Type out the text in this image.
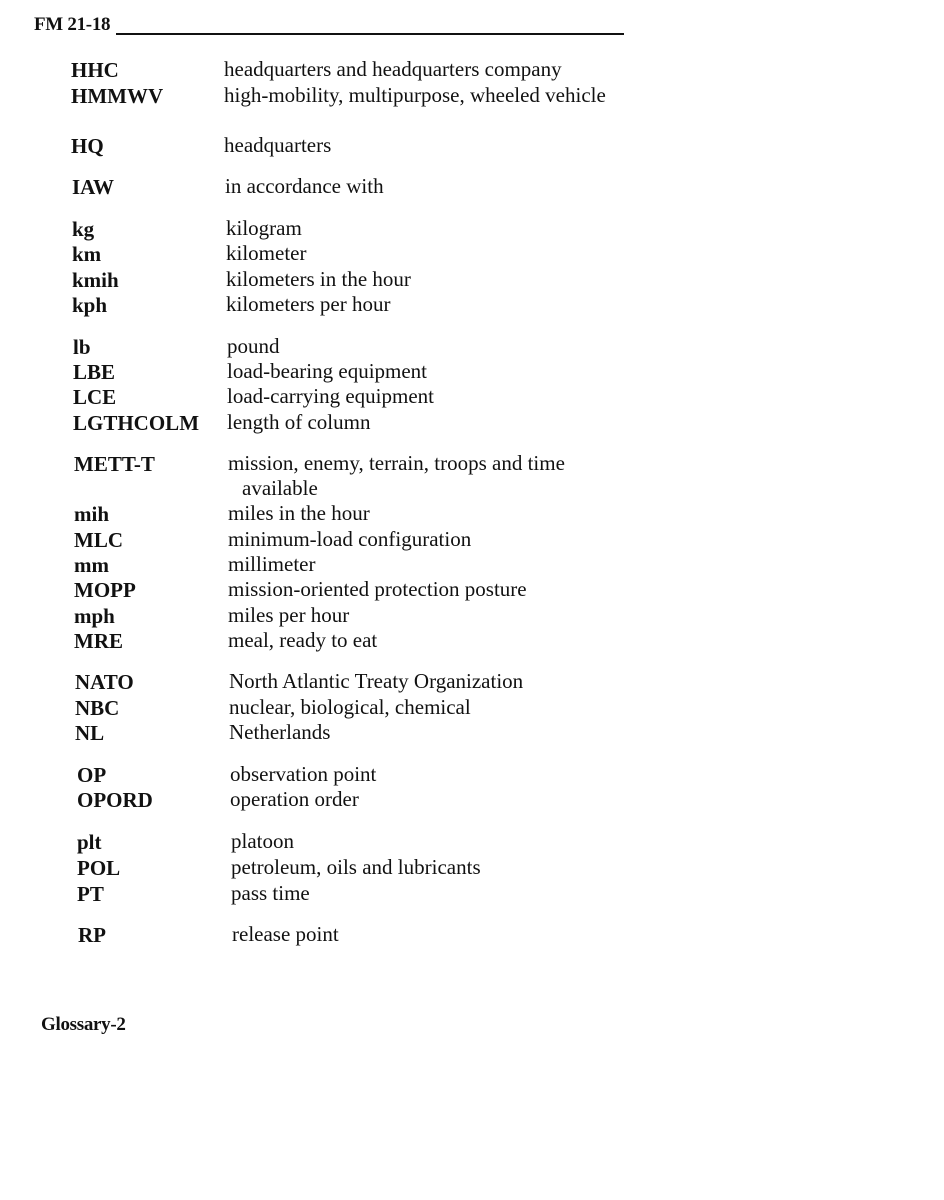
FM 21-18
HHC	headquarters and headquarters company
HMMWV	high-mobility, multipurpose, wheeled vehicle
HQ	headquarters
IAW	in accordance with
kg	kilogram
km	kilometer
kmih	kilometers in the hour
kph	kilometers per hour
lb	pound
LBE	load-bearing equipment
LCE	load-carrying equipment
LGTHCOLM length of column
METT-T	mission, enemy, terrain, troops and time available
mih	miles in the hour
MLC	minimum-load configuration
mm	millimeter
MOPP	mission-oriented protection posture
mph	miles per hour
MRE	meal, ready to eat
NATO	North Atlantic Treaty Organization
NBC	nuclear, biological, chemical
NL	Netherlands
OP	observation point
OPORD	operation order
plt	platoon
POL	petroleum, oils and lubricants
PT	pass time
RP	release point
Glossary-2
